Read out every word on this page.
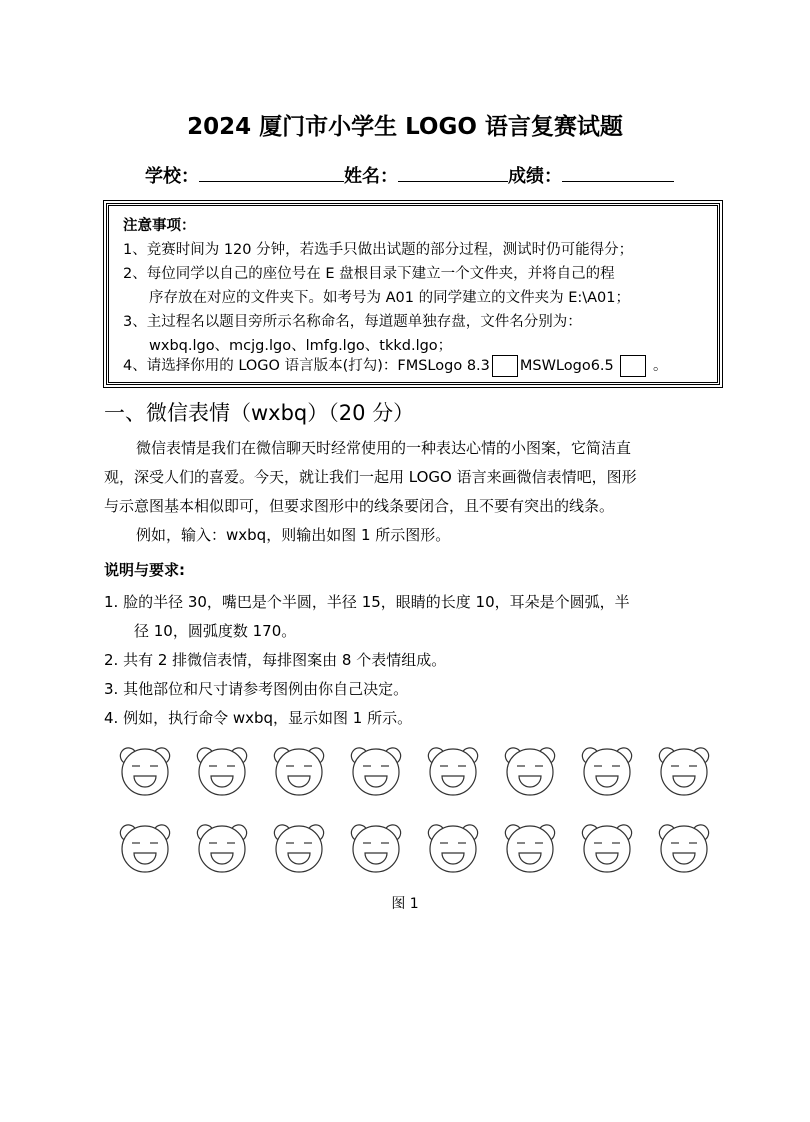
2024 厦门市小学生 LOGO 语言复赛试题
学校：	姓名：	成绩：
注意事项：
1、竞赛时间为 120 分钟，若选手只做出试题的部分过程，测试时仍可能得分；
2、每位同学以自己的座位号在 E 盘根目录下建立一个文件夹，并将自己的程
序存放在对应的文件夹下。如考号为 A01 的同学建立的文件夹为 E:\A01；
3、主过程名以题目旁所示名称命名，每道题单独存盘，文件名分别为：
wxbq.lgo、mcjg.lgo、lmfg.lgo、tkkd.lgo；
4、请选择你用的 LOGO 语言版本(打勾)：FMSLogo 8.3 MSWLogo6.5	。
一、微信表情（wxbq）（20 分）
微信表情是我们在微信聊天时经常使用的一种表达心情的小图案，它简洁直
观，深受人们的喜爱。今天，就让我们一起用 LOGO 语言来画微信表情吧，图形
与示意图基本相似即可，但要求图形中的线条要闭合，且不要有突出的线条。
例如，输入：wxbq，则输出如图 1 所示图形。
说明与要求:
1. 脸的半径 30，嘴巴是个半圆，半径 15，眼睛的长度 10，耳朵是个圆弧，半
径 10，圆弧度数 170。
2. 共有 2 排微信表情，每排图案由 8 个表情组成。
3. 其他部位和尺寸请参考图例由你自己决定。
4. 例如，执行命令 wxbq，显示如图 1 所示。
图 1
